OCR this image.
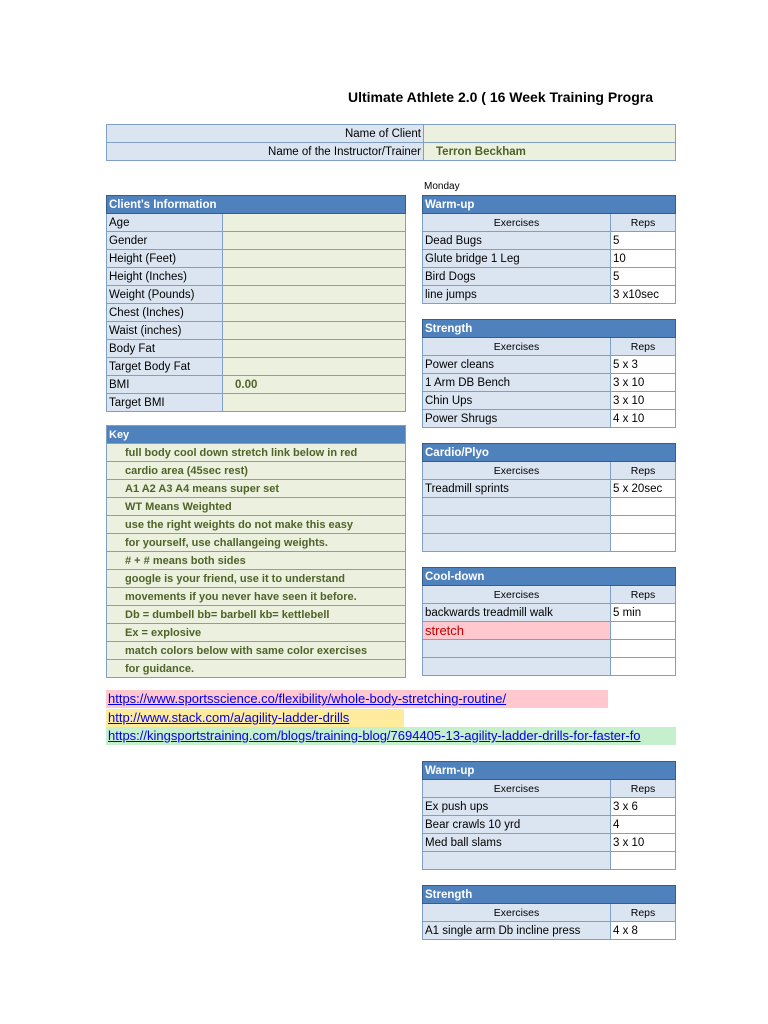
Ultimate Athlete 2.0 ( 16 Week Training Progra
Name of Client	
Name of the Instructor/Trainer	Terron Beckham
Monday
Client's Information	
Age	
Gender	
Height (Feet)	
Height (Inches)	
Weight (Pounds)	
Chest (Inches)	
Waist (inches)	
Body Fat	
Target Body Fat	
BMI	0.00
Target BMI	
Key
full body cool down stretch link below in red
cardio area (45sec rest)
A1 A2 A3 A4 means super set
WT Means Weighted
use the right weights do not make this easy
for yourself, use challangeing weights.
# + # means both sides
google is your friend, use it to understand
movements if you never have seen it before.
Db = dumbell bb= barbell kb= kettlebell
Ex = explosive
match colors below with same color exercises
for guidance.
https://www.sportsscience.co/flexibility/whole-body-stretching-routine/
http://www.stack.com/a/agility-ladder-drills
https://kingsportstraining.com/blogs/training-blog/7694405-13-agility-ladder-drills-for-faster-fo
Warm-up	
Exercises	Reps
Dead Bugs	5
Glute bridge 1 Leg	10
Bird Dogs	5
line jumps	3 x10sec
Strength	
Exercises	Reps
Power cleans	5 x 3
1 Arm DB Bench	3 x 10
Chin Ups	3 x 10
Power Shrugs	4 x 10
Cardio/Plyo	
Exercises	Reps
Treadmill sprints	5 x 20sec

Cool-down	
Exercises	Reps
backwards treadmill walk	5 min
stretch	

Warm-up	
Exercises	Reps
Ex push ups	3 x 6
Bear crawls 10 yrd	4
Med ball slams	3 x 10

Strength	
Exercises	Reps
A1 single arm Db incline press	4 x 8
